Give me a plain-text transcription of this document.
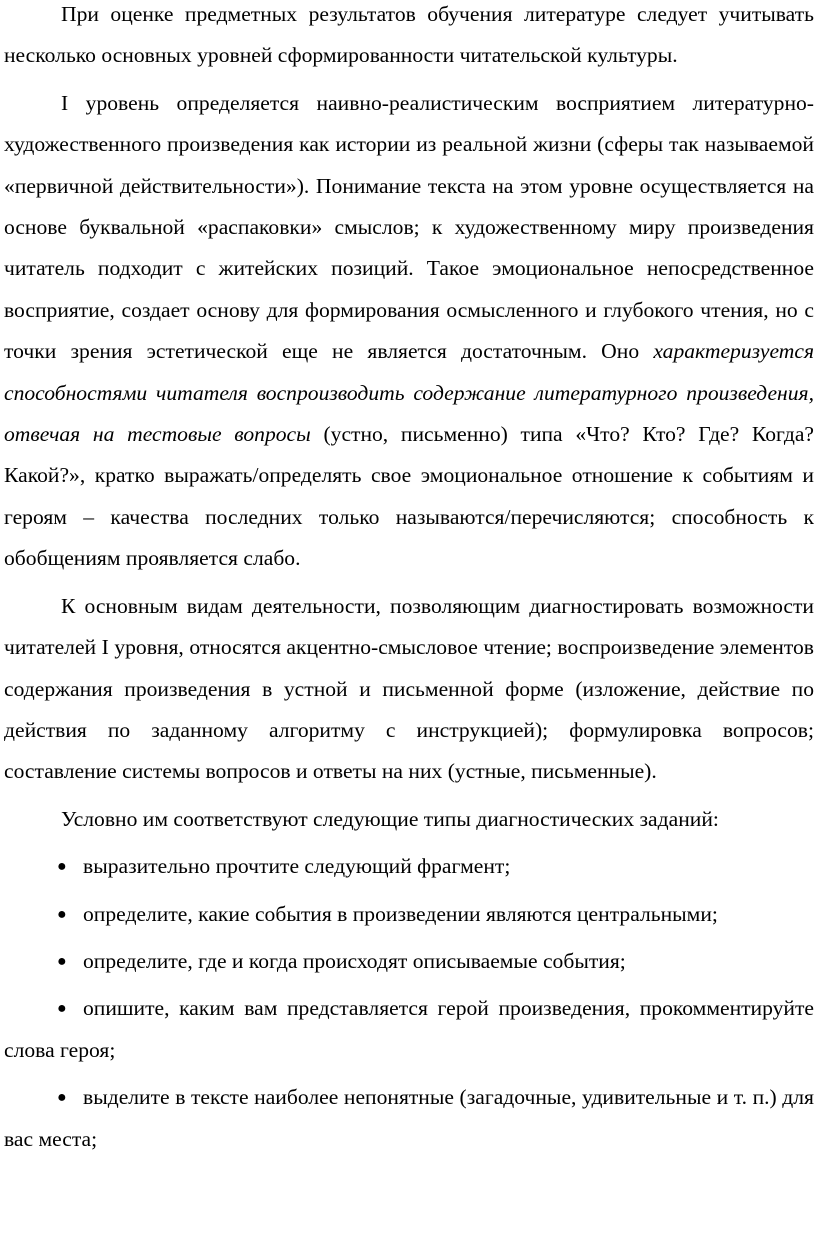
При оценке предметных результатов обучения литературе следует учитывать несколько основных уровней сформированности читательской культуры.

I уровень определяется наивно-реалистическим восприятием литературно-художественного произведения как истории из реальной жизни (сферы так называемой «первичной действительности»). Понимание текста на этом уровне осуществляется на основе буквальной «распаковки» смыслов; к художественному миру произведения читатель подходит с житейских позиций. Такое эмоциональное непосредственное восприятие, создает основу для формирования осмысленного и глубокого чтения, но с точки зрения эстетической еще не является достаточным. Оно характеризуется способностями читателя воспроизводить содержание литературного произведения, отвечая на тестовые вопросы (устно, письменно) типа «Что? Кто? Где? Когда? Какой?», кратко выражать/определять свое эмоциональное отношение к событиям и героям – качества последних только называются/перечисляются; способность к обобщениям проявляется слабо.

К основным видам деятельности, позволяющим диагностировать возможности читателей I уровня, относятся акцентно-смысловое чтение; воспроизведение элементов содержания произведения в устной и письменной форме (изложение, действие по действия по заданному алгоритму с инструкцией); формулировка вопросов; составление системы вопросов и ответы на них (устные, письменные).

Условно им соответствуют следующие типы диагностических заданий:

● выразительно прочтите следующий фрагмент;

● определите, какие события в произведении являются центральными;

● определите, где и когда происходят описываемые события;

● опишите, каким вам представляется герой произведения, прокомментируйте слова героя;

● выделите в тексте наиболее непонятные (загадочные, удивительные и т. п.) для вас места;
